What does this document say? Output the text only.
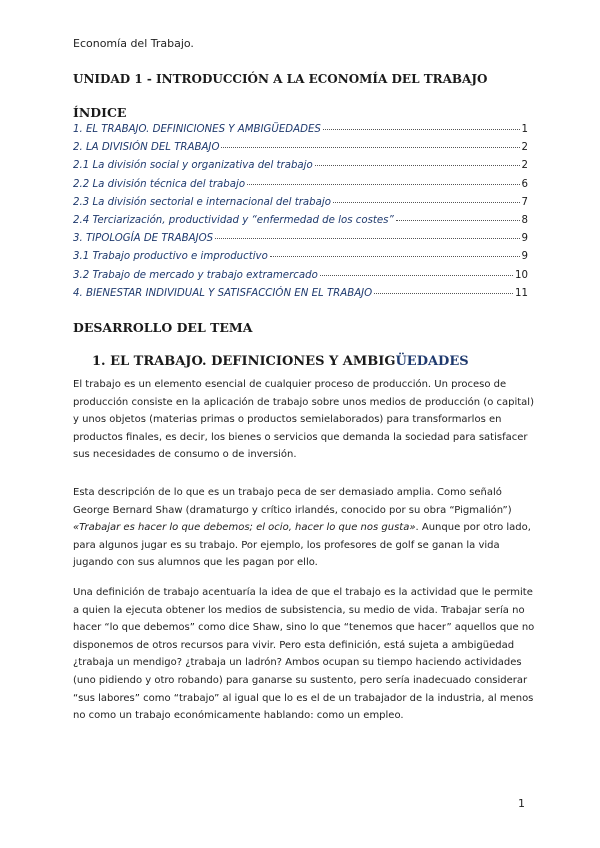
Economía del Trabajo.
UNIDAD 1 - INTRODUCCIÓN A LA ECONOMÍA DEL TRABAJO
ÍNDICE
1. EL TRABAJO. DEFINICIONES Y AMBIGÜEDADES	1
2. LA DIVISIÓN DEL TRABAJO	2
2.1 La división social y organizativa del trabajo	2
2.2 La división técnica del trabajo	6
2.3 La división sectorial e internacional del trabajo	7
2.4 Terciarización, productividad y “enfermedad de los costes”	8
3. TIPOLOGÍA DE TRABAJOS	9
3.1 Trabajo productivo e improductivo	9
3.2 Trabajo de mercado y trabajo extramercado	10
4. BIENESTAR INDIVIDUAL Y SATISFACCIÓN EN EL TRABAJO	11
DESARROLLO DEL TEMA
1. EL TRABAJO. DEFINICIONES Y AMBIGÜEDADES

El trabajo es un elemento esencial de cualquier proceso de producción. Un proceso de producción consiste en la aplicación de trabajo sobre unos medios de producción (o capital) y unos objetos (materias primas o productos semielaborados) para transformarlos en productos finales, es decir, los bienes o servicios que demanda la sociedad para satisfacer sus necesidades de consumo o de inversión.

Esta descripción de lo que es un trabajo peca de ser demasiado amplia. Como señaló George Bernard Shaw (dramaturgo y crítico irlandés, conocido por su obra “Pigmalión”) «Trabajar es hacer lo que debemos; el ocio, hacer lo que nos gusta». Aunque por otro lado, para algunos jugar es su trabajo. Por ejemplo, los profesores de golf se ganan la vida jugando con sus alumnos que les pagan por ello.

Una definición de trabajo acentuaría la idea de que el trabajo es la actividad que le permite a quien la ejecuta obtener los medios de subsistencia, su medio de vida. Trabajar sería no hacer “lo que debemos” como dice Shaw, sino lo que “tenemos que hacer” aquellos que no disponemos de otros recursos para vivir. Pero esta definición, está sujeta a ambigüedad ¿trabaja un mendigo? ¿trabaja un ladrón? Ambos ocupan su tiempo haciendo actividades (uno pidiendo y otro robando) para ganarse su sustento, pero sería inadecuado considerar “sus labores” como “trabajo” al igual que lo es el de un trabajador de la industria, al menos no como un trabajo económicamente hablando: como un empleo.

1
